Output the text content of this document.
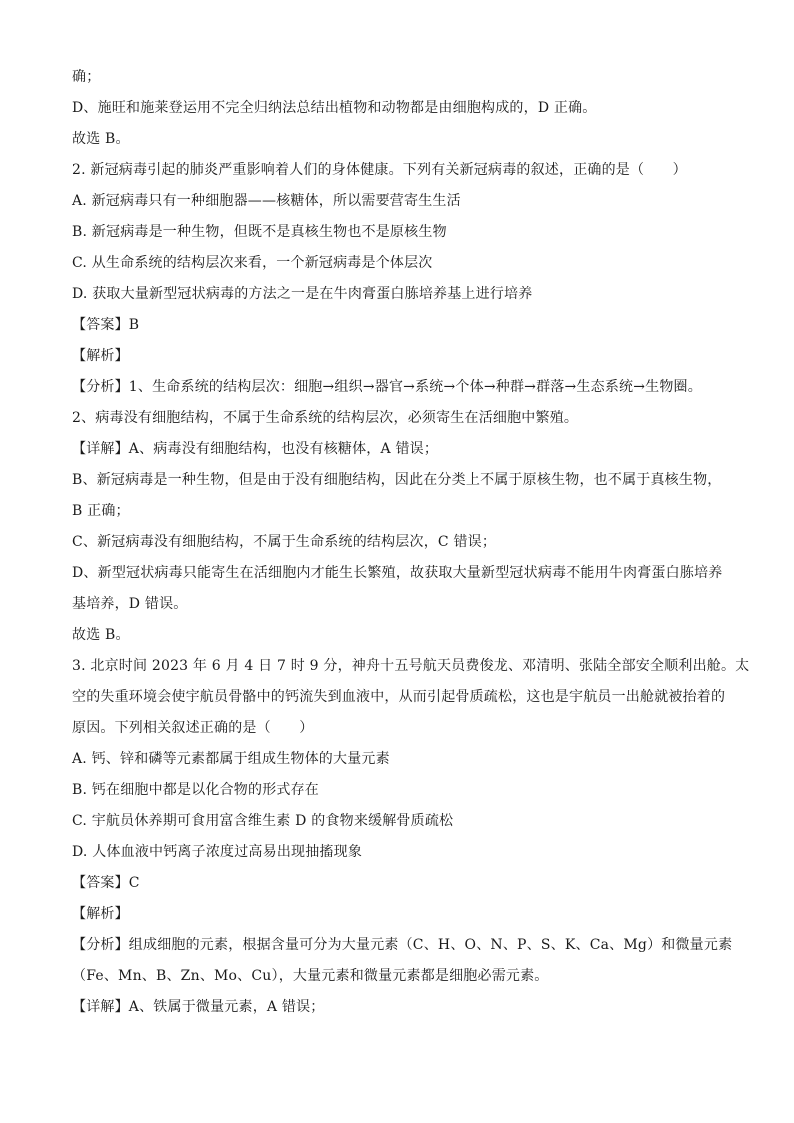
确；
D、施旺和施莱登运用不完全归纳法总结出植物和动物都是由细胞构成的，D 正确。
故选 B。
2. 新冠病毒引起的肺炎严重影响着人们的身体健康。下列有关新冠病毒的叙述，正确的是（　　）
A. 新冠病毒只有一种细胞器——核糖体，所以需要营寄生生活
B. 新冠病毒是一种生物，但既不是真核生物也不是原核生物
C. 从生命系统的结构层次来看，一个新冠病毒是个体层次
D. 获取大量新型冠状病毒的方法之一是在牛肉膏蛋白胨培养基上进行培养
【答案】B
【解析】
【分析】1、生命系统的结构层次：细胞→组织→器官→系统→个体→种群→群落→生态系统→生物圈。
2、病毒没有细胞结构，不属于生命系统的结构层次，必须寄生在活细胞中繁殖。
【详解】A、病毒没有细胞结构，也没有核糖体，A 错误；
B、新冠病毒是一种生物，但是由于没有细胞结构，因此在分类上不属于原核生物，也不属于真核生物，
B 正确；
C、新冠病毒没有细胞结构，不属于生命系统的结构层次，C 错误；
D、新型冠状病毒只能寄生在活细胞内才能生长繁殖，故获取大量新型冠状病毒不能用牛肉膏蛋白胨培养
基培养，D 错误。
故选 B。
3. 北京时间 2023 年 6 月 4 日 7 时 9 分，神舟十五号航天员费俊龙、邓清明、张陆全部安全顺利出舱。太
空的失重环境会使宇航员骨骼中的钙流失到血液中，从而引起骨质疏松，这也是宇航员一出舱就被抬着的
原因。下列相关叙述正确的是（　　）
A. 钙、锌和磷等元素都属于组成生物体的大量元素
B. 钙在细胞中都是以化合物的形式存在
C. 宇航员休养期可食用富含维生素 D 的食物来缓解骨质疏松
D. 人体血液中钙离子浓度过高易出现抽搐现象
【答案】C
【解析】
【分析】组成细胞的元素，根据含量可分为大量元素（C、H、O、N、P、S、K、Ca、Mg）和微量元素
（Fe、Mn、B、Zn、Mo、Cu），大量元素和微量元素都是细胞必需元素。
【详解】A、铁属于微量元素，A 错误；
